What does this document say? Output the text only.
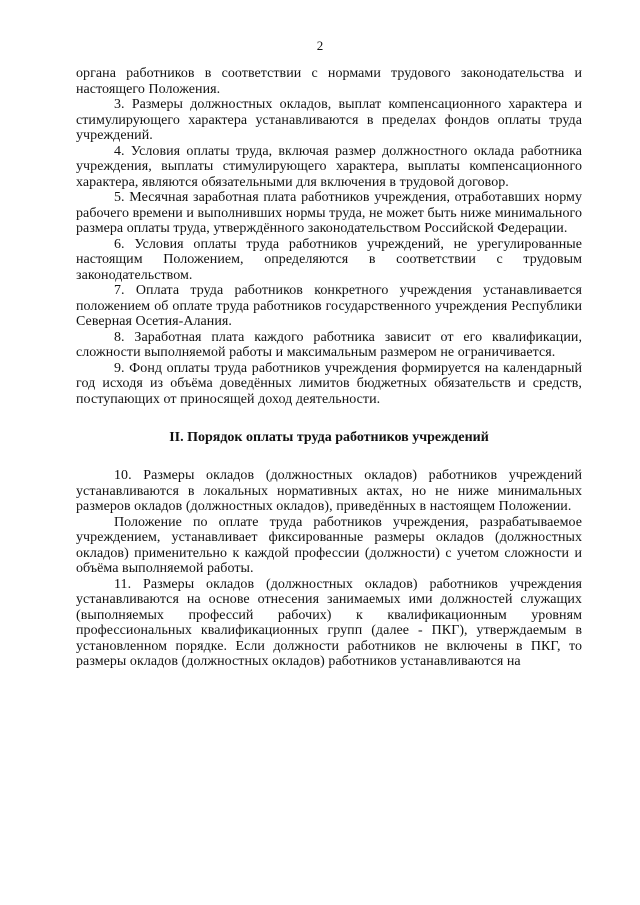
2

органа работников в соответствии с нормами трудового законодательства и настоящего Положения.

3. Размеры должностных окладов, выплат компенсационного характера и стимулирующего характера устанавливаются в пределах фондов оплаты труда учреждений.

4. Условия оплаты труда, включая размер должностного оклада работника учреждения, выплаты стимулирующего характера, выплаты компенсационного характера, являются обязательными для включения в трудовой договор.

5. Месячная заработная плата работников учреждения, отработавших норму рабочего времени и выполнивших нормы труда, не может быть ниже минимального размера оплаты труда, утверждённого законодательством Российской Федерации.

6. Условия оплаты труда работников учреждений, не урегулированные настоящим Положением, определяются в соответствии с трудовым законодательством.

7. Оплата труда работников конкретного учреждения устанавливается положением об оплате труда работников государственного учреждения Республики Северная Осетия-Алания.

8. Заработная плата каждого работника зависит от его квалификации, сложности выполняемой работы и максимальным размером не ограничивается.

9. Фонд оплаты труда работников учреждения формируется на календарный год исходя из объёма доведённых лимитов бюджетных обязательств и средств, поступающих от приносящей доход деятельности.

II. Порядок оплаты труда работников учреждений

10. Размеры окладов (должностных окладов) работников учреждений устанавливаются в локальных нормативных актах, но не ниже минимальных размеров окладов (должностных окладов), приведённых в настоящем Положении.

Положение по оплате труда работников учреждения, разрабатываемое учреждением, устанавливает фиксированные размеры окладов (должностных окладов) применительно к каждой профессии (должности) с учетом сложности и объёма выполняемой работы.

11. Размеры окладов (должностных окладов) работников учреждения устанавливаются на основе отнесения занимаемых ими должностей служащих (выполняемых профессий рабочих) к квалификационным уровням профессиональных квалификационных групп (далее - ПКГ), утверждаемым в установленном порядке. Если должности работников не включены в ПКГ, то размеры окладов (должностных окладов) работников устанавливаются на
